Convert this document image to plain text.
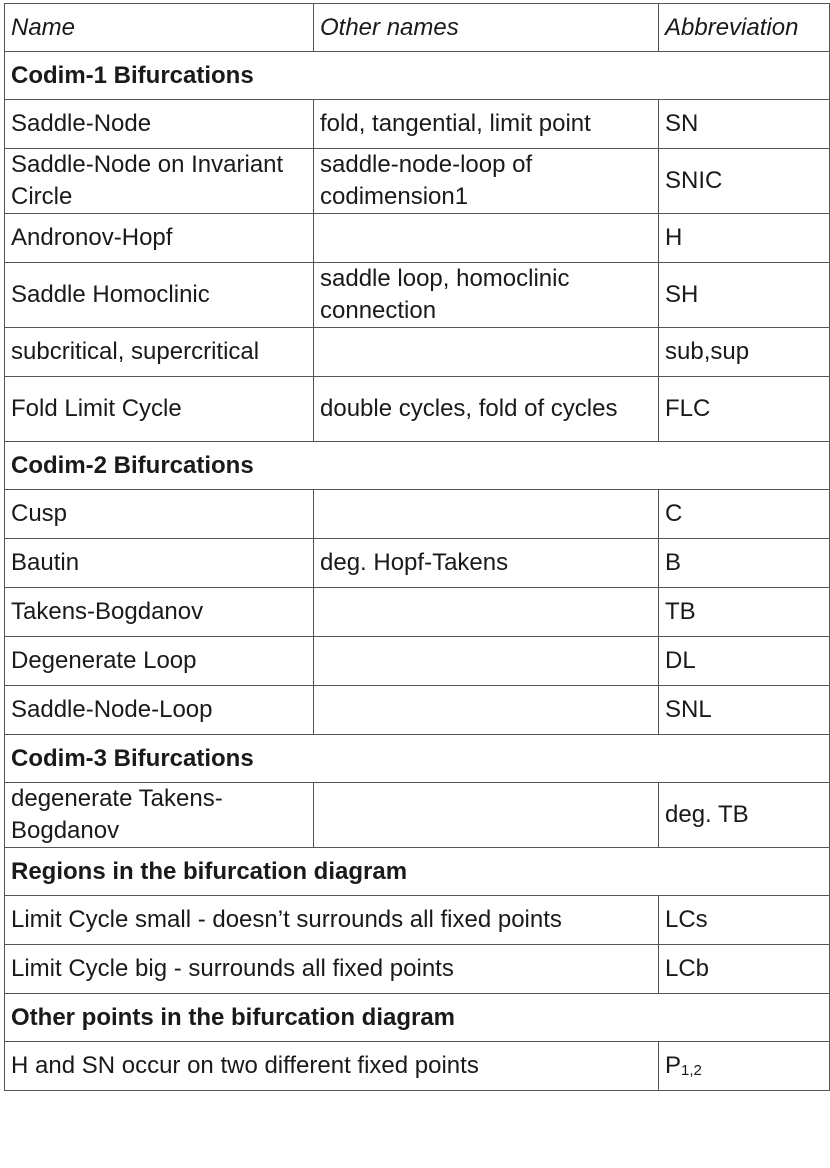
Name	Other names	Abbreviation
Codim-1 Bifurcations		
Saddle-Node	fold, tangential, limit point	SN
Saddle-Node on Invariant Circle	saddle-node-loop of codimension1	SNIC
Andronov-Hopf		H
Saddle Homoclinic	saddle loop, homoclinic connection	SH
subcritical, supercritical		sub,sup
Fold Limit Cycle	double cycles, fold of cycles	FLC
Codim-2 Bifurcations		
Cusp		C
Bautin	deg. Hopf-Takens	B
Takens-Bogdanov		TB
Degenerate Loop		DL
Saddle-Node-Loop		SNL
Codim-3 Bifurcations		
degenerate Takens-Bogdanov		deg. TB
Regions in the bifurcation diagram		
Limit Cycle small - doesn’t surrounds all fixed points		LCs
Limit Cycle big - surrounds all fixed points		LCb
Other points in the bifurcation diagram		
H and SN occur on two different fixed points		$P_{1,2}$
